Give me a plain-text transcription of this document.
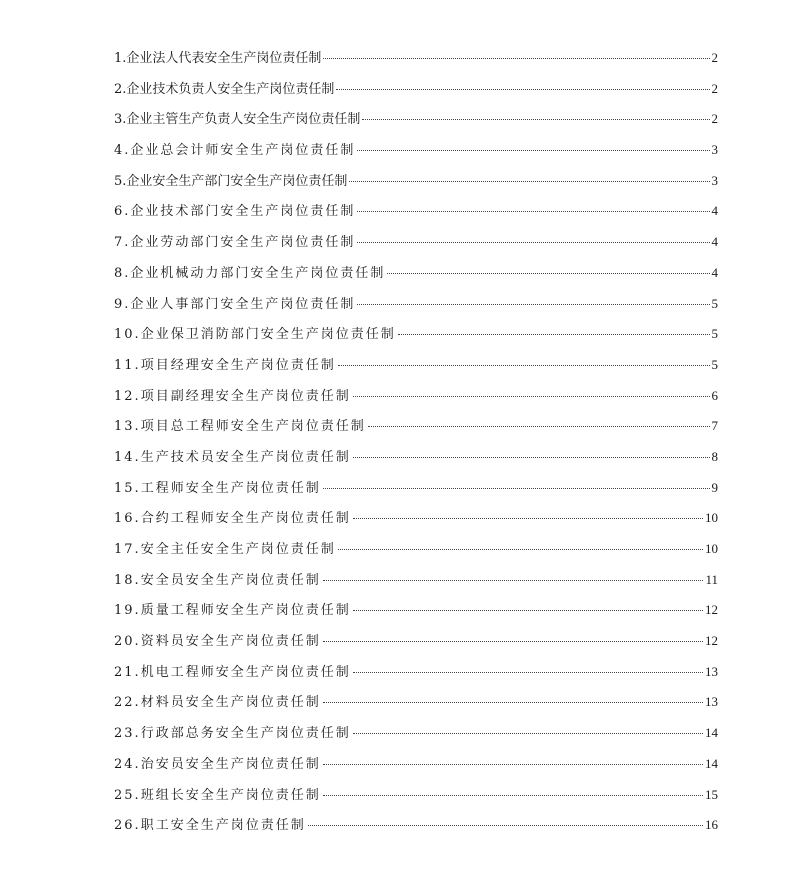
1.企业法人代表安全生产岗位责任制	2
2.企业技术负责人安全生产岗位责任制	2
3.企业主管生产负责人安全生产岗位责任制	2
4.企业总会计师安全生产岗位责任制	3
5.企业安全生产部门安全生产岗位责任制	3
6.企业技术部门安全生产岗位责任制	4
7.企业劳动部门安全生产岗位责任制	4
8.企业机械动力部门安全生产岗位责任制	4
9.企业人事部门安全生产岗位责任制	5
10.企业保卫消防部门安全生产岗位责任制	5
11.项目经理安全生产岗位责任制	5
12.项目副经理安全生产岗位责任制	6
13.项目总工程师安全生产岗位责任制	7
14.生产技术员安全生产岗位责任制	8
15.工程师安全生产岗位责任制	9
16.合约工程师安全生产岗位责任制	10
17.安全主任安全生产岗位责任制	10
18.安全员安全生产岗位责任制	11
19.质量工程师安全生产岗位责任制	12
20.资料员安全生产岗位责任制	12
21.机电工程师安全生产岗位责任制	13
22.材料员安全生产岗位责任制	13
23.行政部总务安全生产岗位责任制	14
24.治安员安全生产岗位责任制	14
25.班组长安全生产岗位责任制	15
26.职工安全生产岗位责任制	16
